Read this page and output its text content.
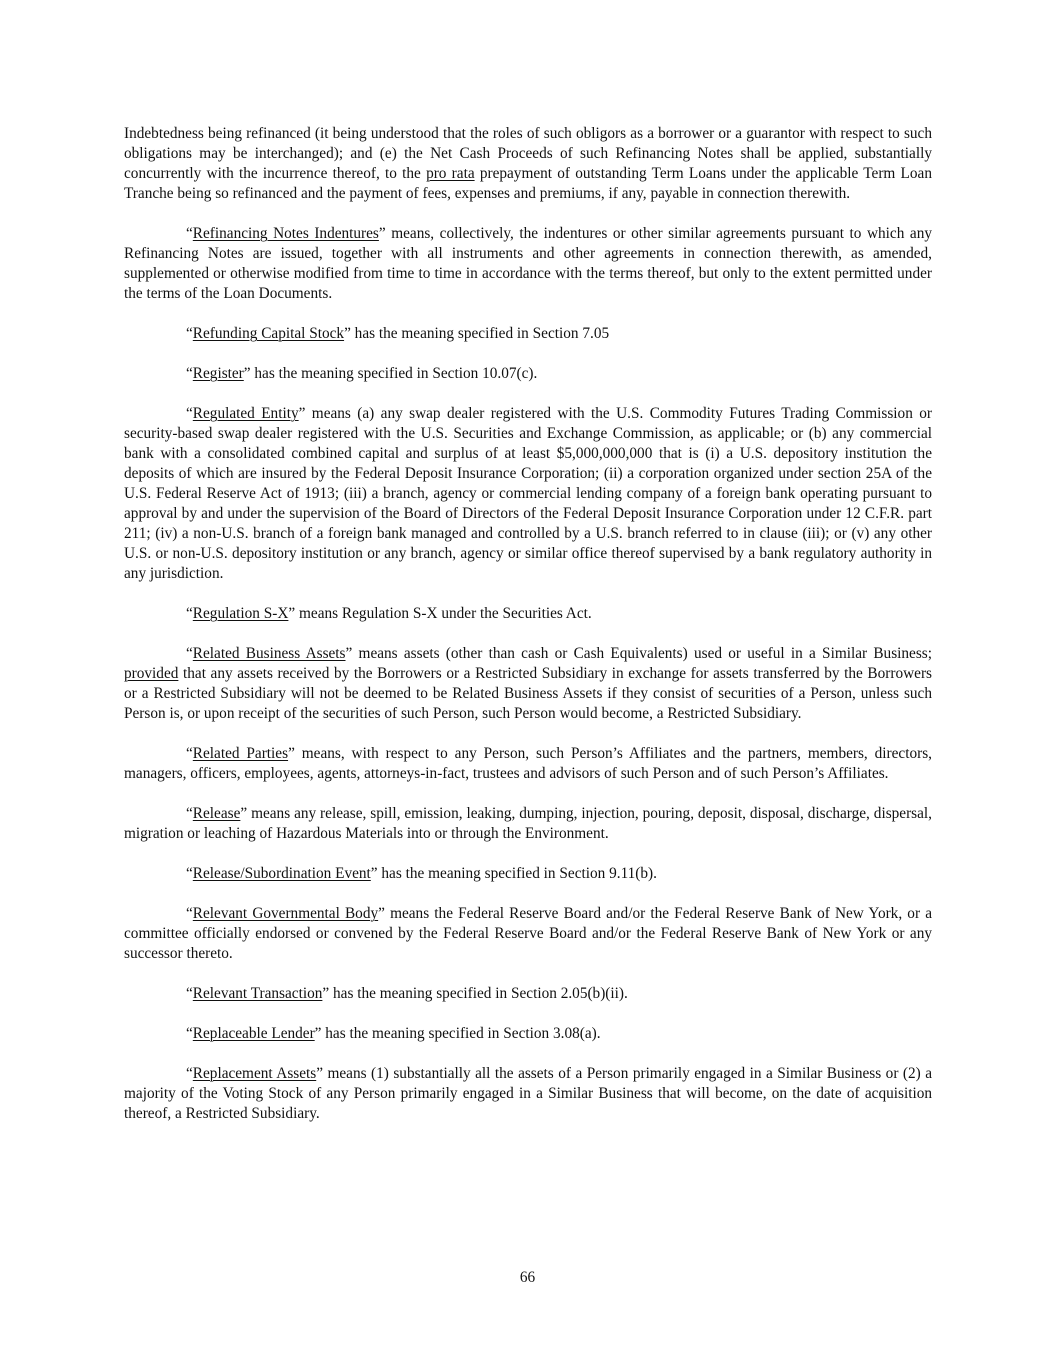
Indebtedness being refinanced (it being understood that the roles of such obligors as a borrower or a guarantor with respect to such obligations may be interchanged); and (e) the Net Cash Proceeds of such Refinancing Notes shall be applied, substantially concurrently with the incurrence thereof, to the pro rata prepayment of outstanding Term Loans under the applicable Term Loan Tranche being so refinanced and the payment of fees, expenses and premiums, if any, payable in connection therewith.

“Refinancing Notes Indentures” means, collectively, the indentures or other similar agreements pursuant to which any Refinancing Notes are issued, together with all instruments and other agreements in connection therewith, as amended, supplemented or otherwise modified from time to time in accordance with the terms thereof, but only to the extent permitted under the terms of the Loan Documents.

“Refunding Capital Stock” has the meaning specified in Section 7.05

“Register” has the meaning specified in Section 10.07(c).

“Regulated Entity” means (a) any swap dealer registered with the U.S. Commodity Futures Trading Commission or security-based swap dealer registered with the U.S. Securities and Exchange Commission, as applicable; or (b) any commercial bank with a consolidated combined capital and surplus of at least $5,000,000,000 that is (i) a U.S. depository institution the deposits of which are insured by the Federal Deposit Insurance Corporation; (ii) a corporation organized under section 25A of the U.S. Federal Reserve Act of 1913; (iii) a branch, agency or commercial lending company of a foreign bank operating pursuant to approval by and under the supervision of the Board of Directors of the Federal Deposit Insurance Corporation under 12 C.F.R. part 211; (iv) a non-U.S. branch of a foreign bank managed and controlled by a U.S. branch referred to in clause (iii); or (v) any other U.S. or non-U.S. depository institution or any branch, agency or similar office thereof supervised by a bank regulatory authority in any jurisdiction.

“Regulation S-X” means Regulation S-X under the Securities Act.

“Related Business Assets” means assets (other than cash or Cash Equivalents) used or useful in a Similar Business; provided that any assets received by the Borrowers or a Restricted Subsidiary in exchange for assets transferred by the Borrowers or a Restricted Subsidiary will not be deemed to be Related Business Assets if they consist of securities of a Person, unless such Person is, or upon receipt of the securities of such Person, such Person would become, a Restricted Subsidiary.

“Related Parties” means, with respect to any Person, such Person’s Affiliates and the partners, members, directors, managers, officers, employees, agents, attorneys-in-fact, trustees and advisors of such Person and of such Person’s Affiliates.

“Release” means any release, spill, emission, leaking, dumping, injection, pouring, deposit, disposal, discharge, dispersal, migration or leaching of Hazardous Materials into or through the Environment.

“Release/Subordination Event” has the meaning specified in Section 9.11(b).

“Relevant Governmental Body” means the Federal Reserve Board and/or the Federal Reserve Bank of New York, or a committee officially endorsed or convened by the Federal Reserve Board and/or the Federal Reserve Bank of New York or any successor thereto.

“Relevant Transaction” has the meaning specified in Section 2.05(b)(ii).

“Replaceable Lender” has the meaning specified in Section 3.08(a).

“Replacement Assets” means (1) substantially all the assets of a Person primarily engaged in a Similar Business or (2) a majority of the Voting Stock of any Person primarily engaged in a Similar Business that will become, on the date of acquisition thereof, a Restricted Subsidiary.

66
